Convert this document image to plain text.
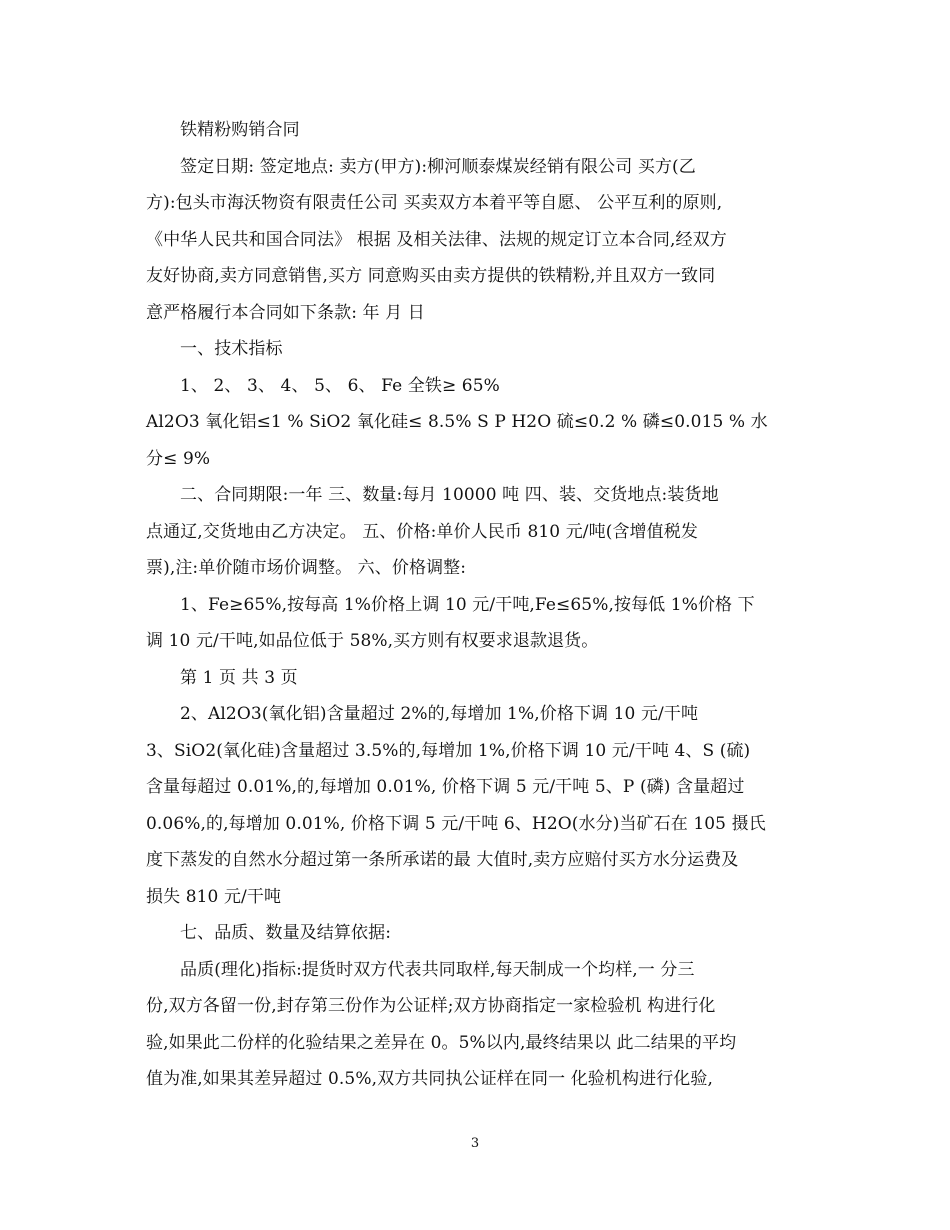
铁精粉购销合同
签定日期: 签定地点: 卖方(甲方):柳河顺泰煤炭经销有限公司 买方(乙
方):包头市海沃物资有限责任公司 买卖双方本着平等自愿、 公平互利的原则,
《中华人民共和国合同法》 根据 及相关法律、法规的规定订立本合同,经双方
友好协商,卖方同意销售,买方 同意购买由卖方提供的铁精粉,并且双方一致同
意严格履行本合同如下条款: 年 月 日
一、技术指标
1、 2、 3、 4、 5、 6、 Fe 全铁≥ 65%
Al2O3 氧化铝≤1 % SiO2 氧化硅≤ 8.5% S P H2O 硫≤0.2 % 磷≤0.015 % 水
分≤ 9%
二、合同期限:一年 三、数量:每月 10000 吨 四、装、交货地点:装货地
点通辽,交货地由乙方决定。 五、价格:单价人民币 810 元/吨(含增值税发
票),注:单价随市场价调整。 六、价格调整:
1、Fe≥65%,按每高 1%价格上调 10 元/干吨,Fe≤65%,按每低 1%价格 下
调 10 元/干吨,如品位低于 58%,买方则有权要求退款退货。
第 1 页 共 3 页
2、Al2O3(氧化铝)含量超过 2%的,每增加 1%,价格下调 10 元/干吨
3、SiO2(氧化硅)含量超过 3.5%的,每增加 1%,价格下调 10 元/干吨 4、S (硫)
含量每超过 0.01%,的,每增加 0.01%, 价格下调 5 元/干吨 5、P (磷) 含量超过
0.06%,的,每增加 0.01%, 价格下调 5 元/干吨 6、H2O(水分)当矿石在 105 摄氏
度下蒸发的自然水分超过第一条所承诺的最 大值时,卖方应赔付买方水分运费及
损失 810 元/干吨
七、品质、数量及结算依据:
品质(理化)指标:提货时双方代表共同取样,每天制成一个均样,一 分三
份,双方各留一份,封存第三份作为公证样;双方协商指定一家检验机 构进行化
验,如果此二份样的化验结果之差异在 0。5%以内,最终结果以 此二结果的平均
值为准,如果其差异超过 0.5%,双方共同执公证样在同一 化验机构进行化验,
3
